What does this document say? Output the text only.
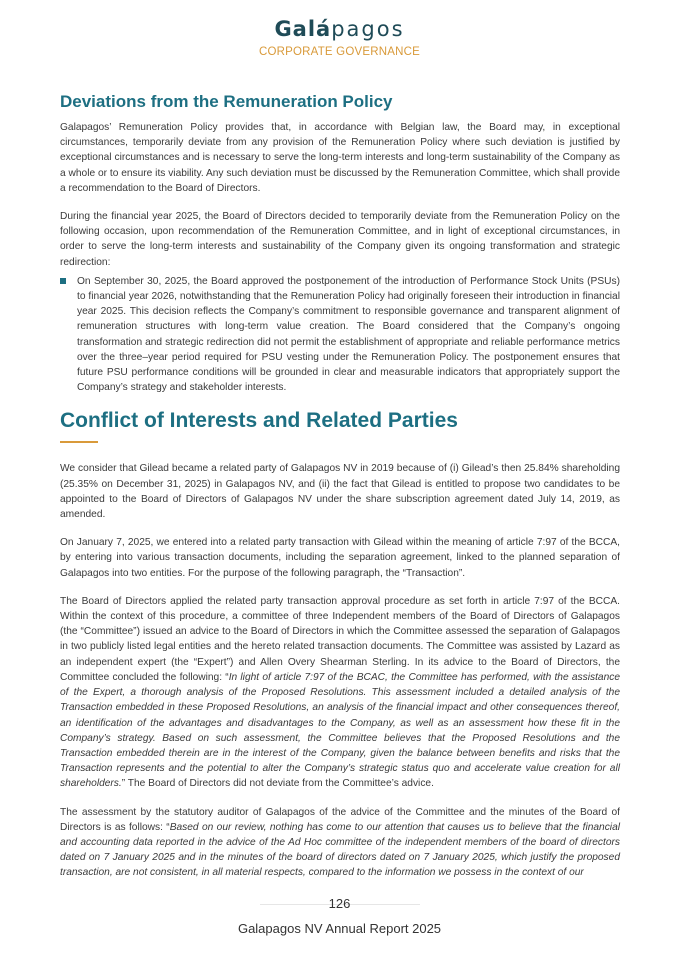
Galápagos
CORPORATE GOVERNANCE
Deviations from the Remuneration Policy

Galapagos’ Remuneration Policy provides that, in accordance with Belgian law, the Board may, in exceptional circumstances, temporarily deviate from any provision of the Remuneration Policy where such deviation is justified by exceptional circumstances and is necessary to serve the long-term interests and long-term sustainability of the Company as a whole or to ensure its viability. Any such deviation must be discussed by the Remuneration Committee, which shall provide a recommendation to the Board of Directors.

During the financial year 2025, the Board of Directors decided to temporarily deviate from the Remuneration Policy on the following occasion, upon recommendation of the Remuneration Committee, and in light of exceptional circumstances, in order to serve the long-term interests and sustainability of the Company given its ongoing transformation and strategic redirection:

On September 30, 2025, the Board approved the postponement of the introduction of Performance Stock Units (PSUs) to financial year 2026, notwithstanding that the Remuneration Policy had originally foreseen their introduction in financial year 2025. This decision reflects the Company’s commitment to responsible governance and transparent alignment of remuneration structures with long-term value creation. The Board considered that the Company’s ongoing transformation and strategic redirection did not permit the establishment of appropriate and reliable performance metrics over the three–year period required for PSU vesting under the Remuneration Policy. The postponement ensures that future PSU performance conditions will be grounded in clear and measurable indicators that appropriately support the Company’s strategy and stakeholder interests.
Conflict of Interests and Related Parties

We consider that Gilead became a related party of Galapagos NV in 2019 because of (i) Gilead’s then 25.84% shareholding (25.35% on December 31, 2025) in Galapagos NV, and (ii) the fact that Gilead is entitled to propose two candidates to be appointed to the Board of Directors of Galapagos NV under the share subscription agreement dated July 14, 2019, as amended.

On January 7, 2025, we entered into a related party transaction with Gilead within the meaning of article 7:97 of the BCCA, by entering into various transaction documents, including the separation agreement, linked to the planned separation of Galapagos into two entities. For the purpose of the following paragraph, the “Transaction”.

The Board of Directors applied the related party transaction approval procedure as set forth in article 7:97 of the BCCA. Within the context of this procedure, a committee of three Independent members of the Board of Directors of Galapagos (the “Committee”) issued an advice to the Board of Directors in which the Committee assessed the separation of Galapagos in two publicly listed legal entities and the hereto related transaction documents. The Committee was assisted by Lazard as an independent expert (the “Expert”) and Allen Overy Shearman Sterling. In its advice to the Board of Directors, the Committee concluded the following: “In light of article 7:97 of the BCAC, the Committee has performed, with the assistance of the Expert, a thorough analysis of the Proposed Resolutions. This assessment included a detailed analysis of the Transaction embedded in these Proposed Resolutions, an analysis of the financial impact and other consequences thereof, an identification of the advantages and disadvantages to the Company, as well as an assessment how these fit in the Company’s strategy. Based on such assessment, the Committee believes that the Proposed Resolutions and the Transaction embedded therein are in the interest of the Company, given the balance between benefits and risks that the Transaction represents and the potential to alter the Company’s strategic status quo and accelerate value creation for all shareholders.” The Board of Directors did not deviate from the Committee’s advice.

The assessment by the statutory auditor of Galapagos of the advice of the Committee and the minutes of the Board of Directors is as follows: “Based on our review, nothing has come to our attention that causes us to believe that the financial and accounting data reported in the advice of the Ad Hoc committee of the independent members of the board of directors dated on 7 January 2025 and in the minutes of the board of directors dated on 7 January 2025, which justify the proposed transaction, are not consistent, in all material respects, compared to the information we possess in the context of our

126
Galapagos NV Annual Report 2025
